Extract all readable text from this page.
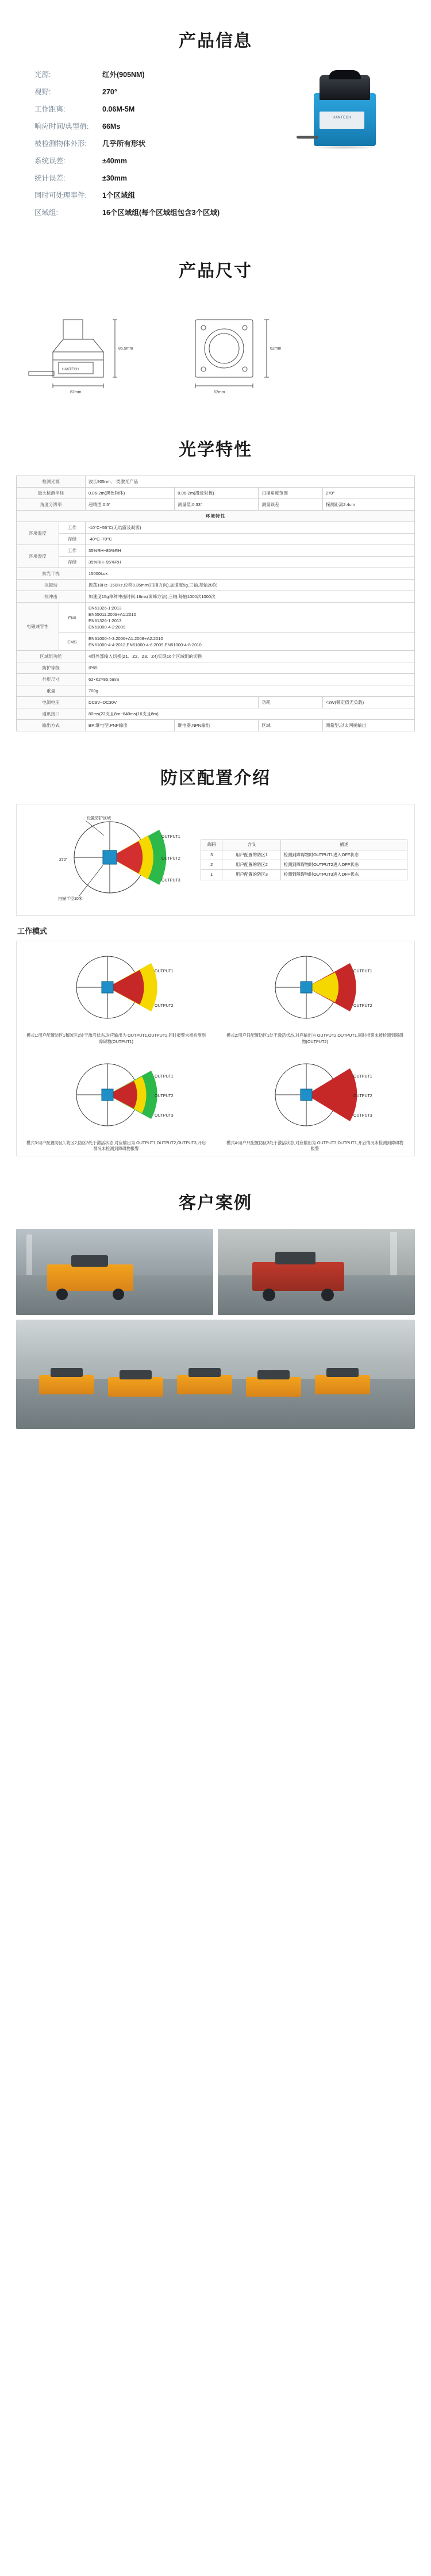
产品信息
光源:	红外(905NM)
视野:	270°
工作距离:	0.06M-5M
响应时间/典型值:	66Ms
被检测物体外形:	几乎所有形状
系统误差:	±40mm
统计误差:	±30mm
同时可处理事件:	1个区域组
区域组:	16个区域组(每个区域组包含3个区域)
HANTECH
产品尺寸
85.5mm
62mm
62mm
62mm
HANTECH
光学特性
检测光源		波长905nm,一类激光产品			
最大检测半径		0.06-2m(黑色物体)	0.06-2m(漫反射板)	扫描角度范围	270°
角度分辨率		超精型:0.5°	测量值:0.33°	测量误差	探测距离2.4cm
环境特性					
环境温度	工作	-10°C~55°C(无结露及凝雾)			
	存储	-40°C~70°C			
环境湿度	工作	35%RH~85%RH			
	存储	35%RH~95%RH			
抗光干扰		15000Lux			
抗振动		振荡10Hz~150Hz,位移0.35mm(扫描方向),加速度5g,三轴,每轴20次			
抗冲击		加速度15g单种冲击时间:16ms(离峰方法),三轴,每轴1000次1000次			
电磁兼容性	EMI	EN61326-1:2013
EN55011:2009+A1:2010
EN61326-1:2013
EN61000-4-2:2009			

	EMS	EN61000-4-3:2006+A1:2008+A2:2010
EN61000-4-4:2012,EN61000-4-6:2009,EN61000-4-8:2010			

区域组功能		4组外部输入切换(Z1、Z2、Z3、Z4)实现16个区域组的切换			
防护等级		IP65			
外形尺寸		62×62×85.5mm			
重量		700g			
电源电压		DC9V~DC30V		功耗	<3W(额定值无负载)
通讯接口		80ms(22支且8m~640ms(16支且8m)			
输出方式		BP:继电型,PNP输出	继电器,NPN输出	区域:	测量型,以太网接输出
防区配置介绍
设置防护区域
270°
扫描半径10米
OUTPUT1
OUTPUT2
OUTPUT3
端码	含义	描述
3	用户配置的防区1	检测到障碍物时OUTPUT1进入OFF状态
2	用户配置的防区2	检测到障碍物时OUTPUT2进入OFF状态
1	用户配置的防区3	检测到障碍物时OUTPUT3进入OFF状态
工作模式
OUTPUT1
OUTPUT2
模式1:用户配置防区1和防区2处于激活状态,对应输出为 OUTPUT1,OUTPUT2,同时报警未被检测到障碍物(OUTPUT1)
OUTPUT1
OUTPUT2
模式2:用户只配置防区1处于激活状态,对应输出为 OUTPUT2,OUTPUT1,同时报警未被检测到障碍物(OUTPUT2)
OUTPUT1
OUTPUT2
OUTPUT3
模式3:用户配置防区1,防区2,防区3处于激活状态,对应输出为 OUTPUT1,OUTPUT2,OUTPUT3,开启情况未检测到障碍物报警
OUTPUT1
OUTPUT2
OUTPUT3
模式4:用户只配置防区3处于激活状态,对应输出为 OUTPUT3,OUTPUT1,开启情况未检测到障碍物报警
客户案例
